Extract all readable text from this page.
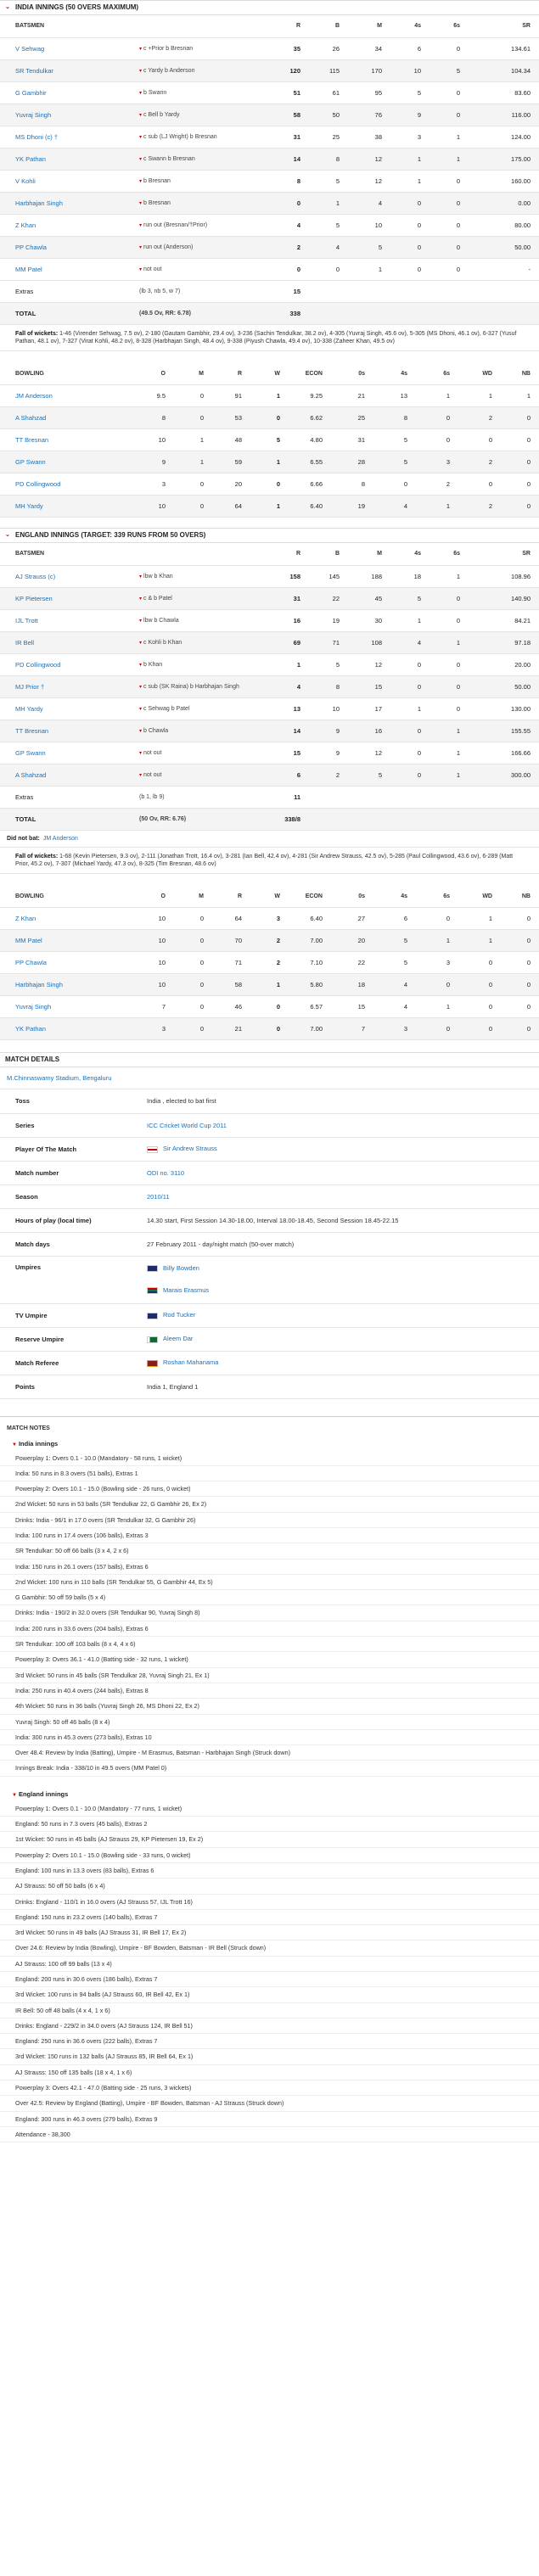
⌄ INDIA INNINGS (50 OVERS MAXIMUM)
BATSMEN		R	B	M	4s	6s	SR
V Sehwag	▾ c +Prior b Bresnan	35	26	34	6	0	134.61
SR Tendulkar	▾ c Yardy b Anderson	120	115	170	10	5	104.34
G Gambhir	▾ b Swann	51	61	95	5	0	83.60
Yuvraj Singh	▾ c Bell b Yardy	58	50	76	9	0	116.00
MS Dhoni (c) †	▾ c sub (LJ Wright) b Bresnan	31	25	38	3	1	124.00
YK Pathan	▾ c Swann b Bresnan	14	8	12	1	1	175.00
V Kohli	▾ b Bresnan	8	5	12	1	0	160.00
Harbhajan Singh	▾ b Bresnan	0	1	4	0	0	0.00
Z Khan	▾ run out (Bresnan/†Prior)	4	5	10	0	0	80.00
PP Chawla	▾ run out (Anderson)	2	4	5	0	0	50.00
MM Patel	▾ not out	0	0	1	0	0	-
Extras	(lb 3, nb 5, w 7)	15					
TOTAL	(49.5 Ov, RR: 6.78)	338					
Fall of wickets: 1-46 (Virender Sehwag, 7.5 ov), 2-180 (Gautam Gambhir, 29.4 ov), 3-236 (Sachin Tendulkar, 38.2 ov), 4-305 (Yuvraj Singh, 45.6 ov), 5-305 (MS Dhoni, 46.1 ov), 6-327 (Yusuf Pathan, 48.1 ov), 7-327 (Virat Kohli, 48.2 ov), 8-328 (Harbhajan Singh, 48.4 ov), 9-338 (Piyush Chawla, 49.4 ov), 10-338 (Zaheer Khan, 49.5 ov)
BOWLING	O	M	R	W	ECON	0s	4s	6s	WD	NB
JM Anderson	9.5	0	91	1	9.25	21	13	1	1	1
A Shahzad	8	0	53	0	6.62	25	8	0	2	0
TT Bresnan	10	1	48	5	4.80	31	5	0	0	0
GP Swann	9	1	59	1	6.55	28	5	3	2	0
PD Collingwood	3	0	20	0	6.66	8	0	2	0	0
MH Yardy	10	0	64	1	6.40	19	4	1	2	0
⌄ ENGLAND INNINGS (TARGET: 339 RUNS FROM 50 OVERS)
BATSMEN		R	B	M	4s	6s	SR
AJ Strauss (c)	▾ lbw b Khan	158	145	188	18	1	108.96
KP Pietersen	▾ c & b Patel	31	22	45	5	0	140.90
IJL Trott	▾ lbw b Chawla	16	19	30	1	0	84.21
IR Bell	▾ c Kohli b Khan	69	71	108	4	1	97.18
PD Collingwood	▾ b Khan	1	5	12	0	0	20.00
MJ Prior †	▾ c sub (SK Raina) b Harbhajan Singh	4	8	15	0	0	50.00
MH Yardy	▾ c Sehwag b Patel	13	10	17	1	0	130.00
TT Bresnan	▾ b Chawla	14	9	16	0	1	155.55
GP Swann	▾ not out	15	9	12	0	1	166.66
A Shahzad	▾ not out	6	2	5	0	1	300.00
Extras	(b 1, lb 9)	11					
TOTAL	(50 Ov, RR: 6.76)	338/8					
Did not bat: JM Anderson
Fall of wickets: 1-68 (Kevin Pietersen, 9.3 ov), 2-111 (Jonathan Trott, 16.4 ov), 3-281 (Ian Bell, 42.4 ov), 4-281 (Sir Andrew Strauss, 42.5 ov), 5-285 (Paul Collingwood, 43.6 ov), 6-289 (Matt Prior, 45.2 ov), 7-307 (Michael Yardy, 47.3 ov), 8-325 (Tim Bresnan, 48.6 ov)
BOWLING	O	M	R	W	ECON	0s	4s	6s	WD	NB
Z Khan	10	0	64	3	6.40	27	6	0	1	0
MM Patel	10	0	70	2	7.00	20	5	1	1	0
PP Chawla	10	0	71	2	7.10	22	5	3	0	0
Harbhajan Singh	10	0	58	1	5.80	18	4	0	0	0
Yuvraj Singh	7	0	46	0	6.57	15	4	1	0	0
YK Pathan	3	0	21	0	7.00	7	3	0	0	0
MATCH DETAILS
M.Chinnaswamy Stadium, Bengaluru
Toss	India , elected to bat first
Series	ICC Cricket World Cup 2011
Player Of The Match	Sir Andrew Strauss
Match number	ODI no. 3110
Season	2010/11
Hours of play (local time)	14.30 start, First Session 14.30-18.00, Interval 18.00-18.45, Second Session 18.45-22.15
Match days	27 February 2011 - day/night match (50-over match)
Umpires	Billy Bowden
Marais Erasmus

TV Umpire	Rod Tucker
Reserve Umpire	Aleem Dar
Match Referee	Roshan Mahanama
Points	India 1, England 1
MATCH NOTES
▼ India innings
Powerplay 1: Overs 0.1 - 10.0 (Mandatory - 58 runs, 1 wicket)
India: 50 runs in 8.3 overs (51 balls), Extras 1
Powerplay 2: Overs 10.1 - 15.0 (Bowling side - 26 runs, 0 wicket)
2nd Wicket: 50 runs in 53 balls (SR Tendulkar 22, G Gambhir 26, Ex 2)
Drinks: India - 96/1 in 17.0 overs (SR Tendulkar 32, G Gambhir 26)
India: 100 runs in 17.4 overs (106 balls), Extras 3
SR Tendulkar: 50 off 66 balls (3 x 4, 2 x 6)
India: 150 runs in 26.1 overs (157 balls), Extras 6
2nd Wicket: 100 runs in 110 balls (SR Tendulkar 55, G Gambhir 44, Ex 5)
G Gambhir: 50 off 59 balls (5 x 4)
Drinks: India - 190/2 in 32.0 overs (SR Tendulkar 90, Yuvraj Singh 8)
India: 200 runs in 33.6 overs (204 balls), Extras 6
SR Tendulkar: 100 off 103 balls (8 x 4, 4 x 6)
Powerplay 3: Overs 36.1 - 41.0 (Batting side - 32 runs, 1 wicket)
3rd Wicket: 50 runs in 45 balls (SR Tendulkar 28, Yuvraj Singh 21, Ex 1)
India: 250 runs in 40.4 overs (244 balls), Extras 8
4th Wicket: 50 runs in 36 balls (Yuvraj Singh 26, MS Dhoni 22, Ex 2)
Yuvraj Singh: 50 off 46 balls (8 x 4)
India: 300 runs in 45.3 overs (273 balls), Extras 10
Over 48.4: Review by India (Batting), Umpire - M Erasmus, Batsman - Harbhajan Singh (Struck down)
Innings Break: India - 338/10 in 49.5 overs (MM Patel 0)
▼ England innings
Powerplay 1: Overs 0.1 - 10.0 (Mandatory - 77 runs, 1 wicket)
England: 50 runs in 7.3 overs (45 balls), Extras 2
1st Wicket: 50 runs in 45 balls (AJ Strauss 29, KP Pietersen 19, Ex 2)
Powerplay 2: Overs 10.1 - 15.0 (Bowling side - 33 runs, 0 wicket)
England: 100 runs in 13.3 overs (83 balls), Extras 6
AJ Strauss: 50 off 50 balls (6 x 4)
Drinks: England - 110/1 in 16.0 overs (AJ Strauss 57, IJL Trott 16)
England: 150 runs in 23.2 overs (140 balls), Extras 7
3rd Wicket: 50 runs in 49 balls (AJ Strauss 31, IR Bell 17, Ex 2)
Over 24.6: Review by India (Bowling), Umpire - BF Bowden, Batsman - IR Bell (Struck down)
AJ Strauss: 100 off 99 balls (13 x 4)
England: 200 runs in 30.6 overs (186 balls), Extras 7
3rd Wicket: 100 runs in 94 balls (AJ Strauss 60, IR Bell 42, Ex 1)
IR Bell: 50 off 48 balls (4 x 4, 1 x 6)
Drinks: England - 229/2 in 34.0 overs (AJ Strauss 124, IR Bell 51)
England: 250 runs in 36.6 overs (222 balls), Extras 7
3rd Wicket: 150 runs in 132 balls (AJ Strauss 85, IR Bell 64, Ex 1)
AJ Strauss: 150 off 135 balls (18 x 4, 1 x 6)
Powerplay 3: Overs 42.1 - 47.0 (Batting side - 25 runs, 3 wickets)
Over 42.5: Review by England (Batting), Umpire - BF Bowden, Batsman - AJ Strauss (Struck down)
England: 300 runs in 46.3 overs (279 balls), Extras 9
Attendance - 38,300
